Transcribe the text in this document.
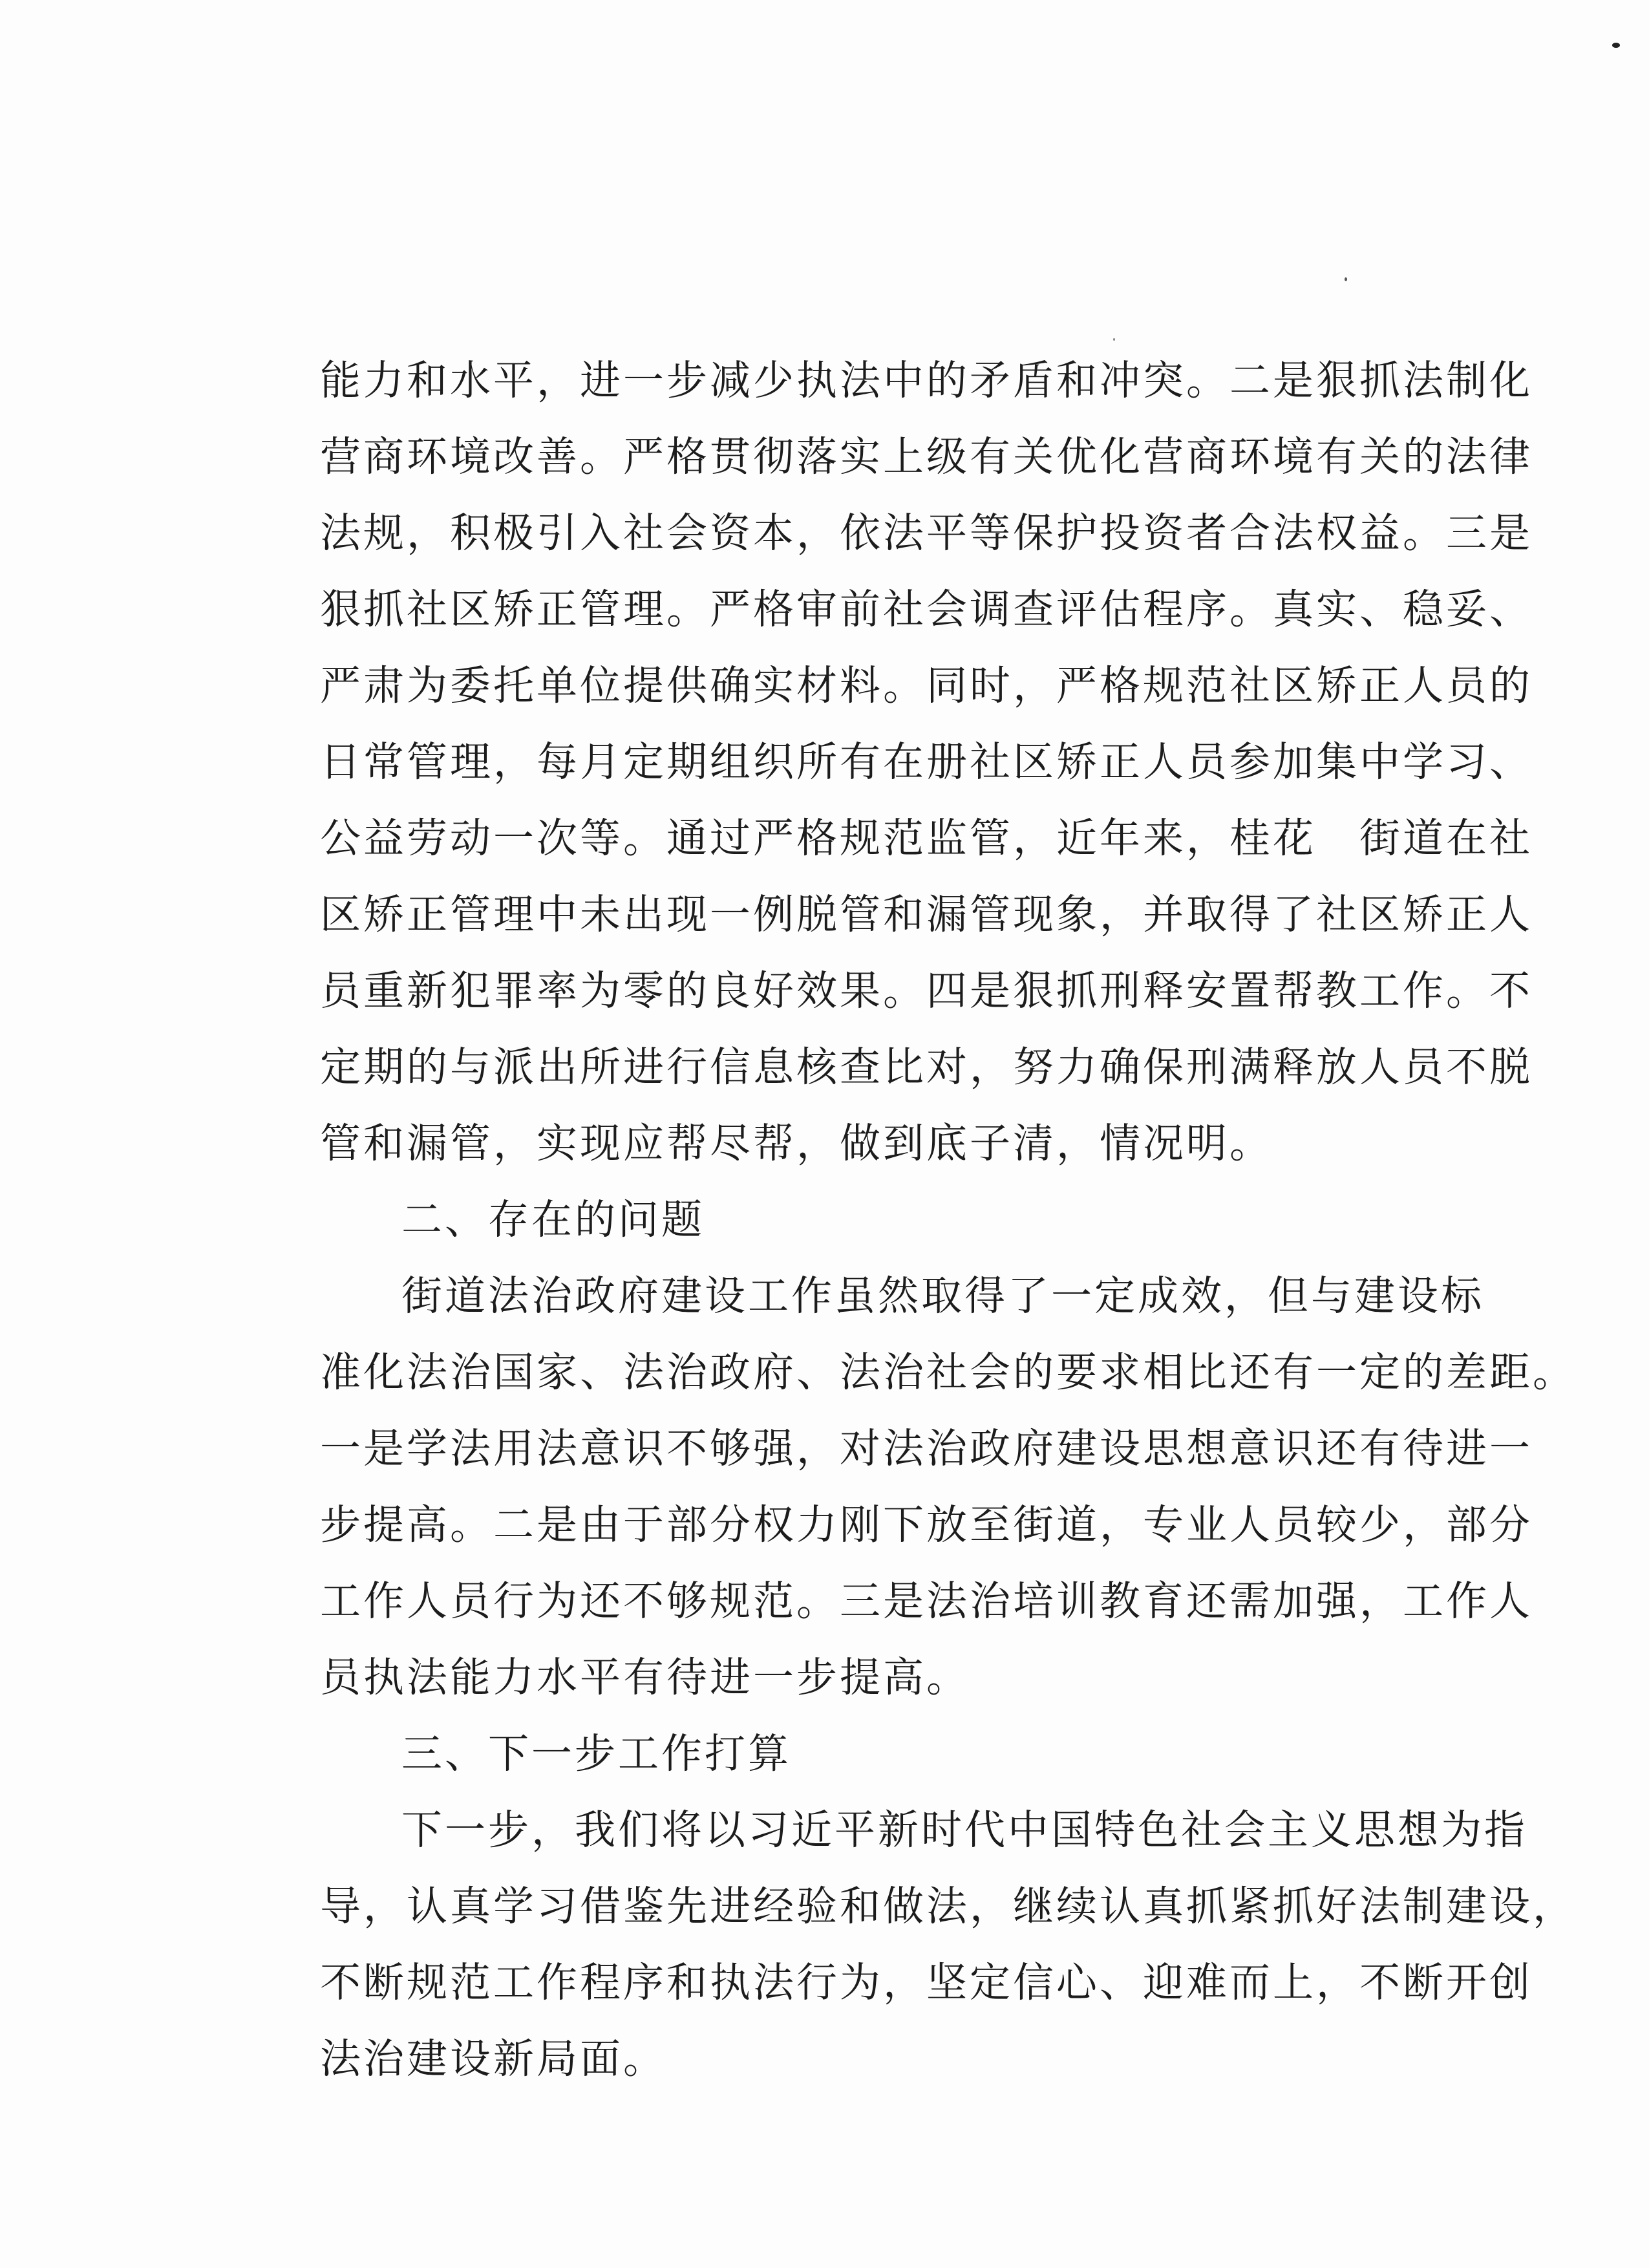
能力和水平，进一步减少执法中的矛盾和冲突。二是狠抓法制化
营商环境改善。严格贯彻落实上级有关优化营商环境有关的法律
法规，积极引入社会资本，依法平等保护投资者合法权益。三是
狠抓社区矫正管理。严格审前社会调查评估程序。真实、稳妥、
严肃为委托单位提供确实材料。同时，严格规范社区矫正人员的
日常管理，每月定期组织所有在册社区矫正人员参加集中学习、
公益劳动一次等。通过严格规范监管，近年来，桂花　街道在社
区矫正管理中未出现一例脱管和漏管现象，并取得了社区矫正人
员重新犯罪率为零的良好效果。四是狠抓刑释安置帮教工作。不
定期的与派出所进行信息核查比对，努力确保刑满释放人员不脱
管和漏管，实现应帮尽帮，做到底子清，情况明。
二、存在的问题
街道法治政府建设工作虽然取得了一定成效，但与建设标
准化法治国家、法治政府、法治社会的要求相比还有一定的差距。
一是学法用法意识不够强，对法治政府建设思想意识还有待进一
步提高。二是由于部分权力刚下放至街道，专业人员较少，部分
工作人员行为还不够规范。三是法治培训教育还需加强，工作人
员执法能力水平有待进一步提高。
三、下一步工作打算
下一步，我们将以习近平新时代中国特色社会主义思想为指
导，认真学习借鉴先进经验和做法，继续认真抓紧抓好法制建设，
不断规范工作程序和执法行为，坚定信心、迎难而上，不断开创
法治建设新局面。
